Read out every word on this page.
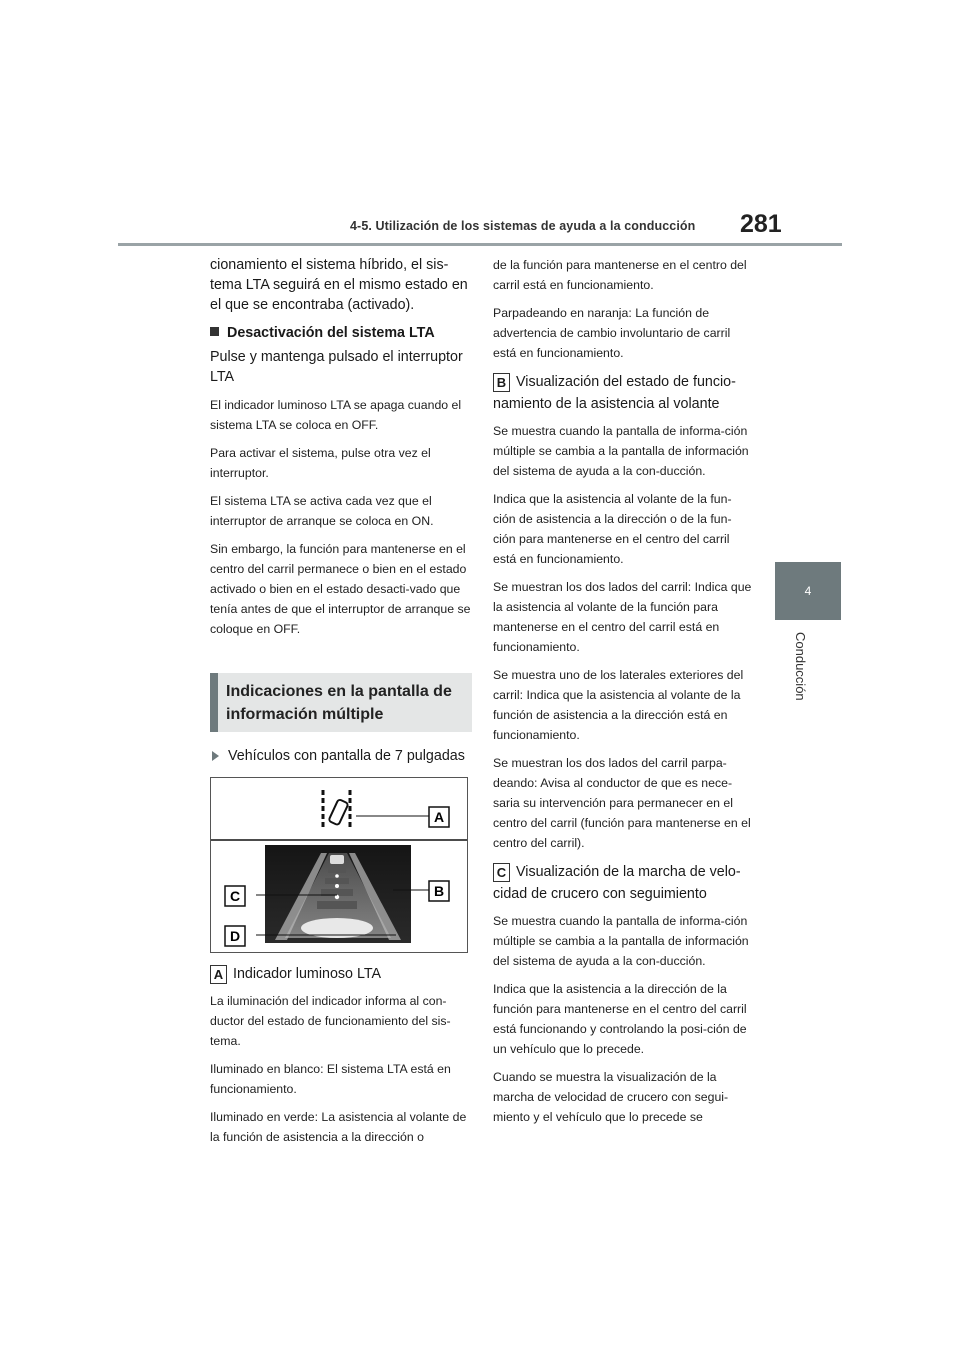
4-5. Utilización de los sistemas de ayuda a la conducción 281
4
Conducción

cionamiento el sistema híbrido, el sis-tema LTA seguirá en el mismo estado en el que se encontraba (activado).

Desactivación del sistema LTA

Pulse y mantenga pulsado el interruptor LTA

El indicador luminoso LTA se apaga cuando el sistema LTA se coloca en OFF.

Para activar el sistema, pulse otra vez el interruptor.

El sistema LTA se activa cada vez que el interruptor de arranque se coloca en ON.

Sin embargo, la función para mantenerse en el centro del carril permanece o bien en el estado activado o bien en el estado desacti-vado que tenía antes de que el interruptor de arranque se coloque en OFF.

Indicaciones en la pantalla de información múltiple
Vehículos con pantalla de 7 pulgadas
A
B
C
D
A Indicador luminoso LTA

La iluminación del indicador informa al con-ductor del estado de funcionamiento del sis-tema.

Iluminado en blanco: El sistema LTA está en funcionamiento.

Iluminado en verde: La asistencia al volante de la función de asistencia a la dirección o

de la función para mantenerse en el centro del carril está en funcionamiento.

Parpadeando en naranja: La función de advertencia de cambio involuntario de carril está en funcionamiento.

B Visualización del estado de funcio-namiento de la asistencia al volante

Se muestra cuando la pantalla de informa-ción múltiple se cambia a la pantalla de información del sistema de ayuda a la con-ducción.

Indica que la asistencia al volante de la fun-ción de asistencia a la dirección o de la fun-ción para mantenerse en el centro del carril está en funcionamiento.

Se muestran los dos lados del carril: Indica que la asistencia al volante de la función para mantenerse en el centro del carril está en funcionamiento.

Se muestra uno de los laterales exteriores del carril: Indica que la asistencia al volante de la función de asistencia a la dirección está en funcionamiento.

Se muestran los dos lados del carril parpa-deando: Avisa al conductor de que es nece-saria su intervención para permanecer en el centro del carril (función para mantenerse en el centro del carril).

C Visualización de la marcha de velo-cidad de crucero con seguimiento

Se muestra cuando la pantalla de informa-ción múltiple se cambia a la pantalla de información del sistema de ayuda a la con-ducción.

Indica que la asistencia a la dirección de la función para mantenerse en el centro del carril está funcionando y controlando la posi-ción de un vehículo que lo precede.

Cuando se muestra la visualización de la marcha de velocidad de crucero con segui-miento y el vehículo que lo precede se
